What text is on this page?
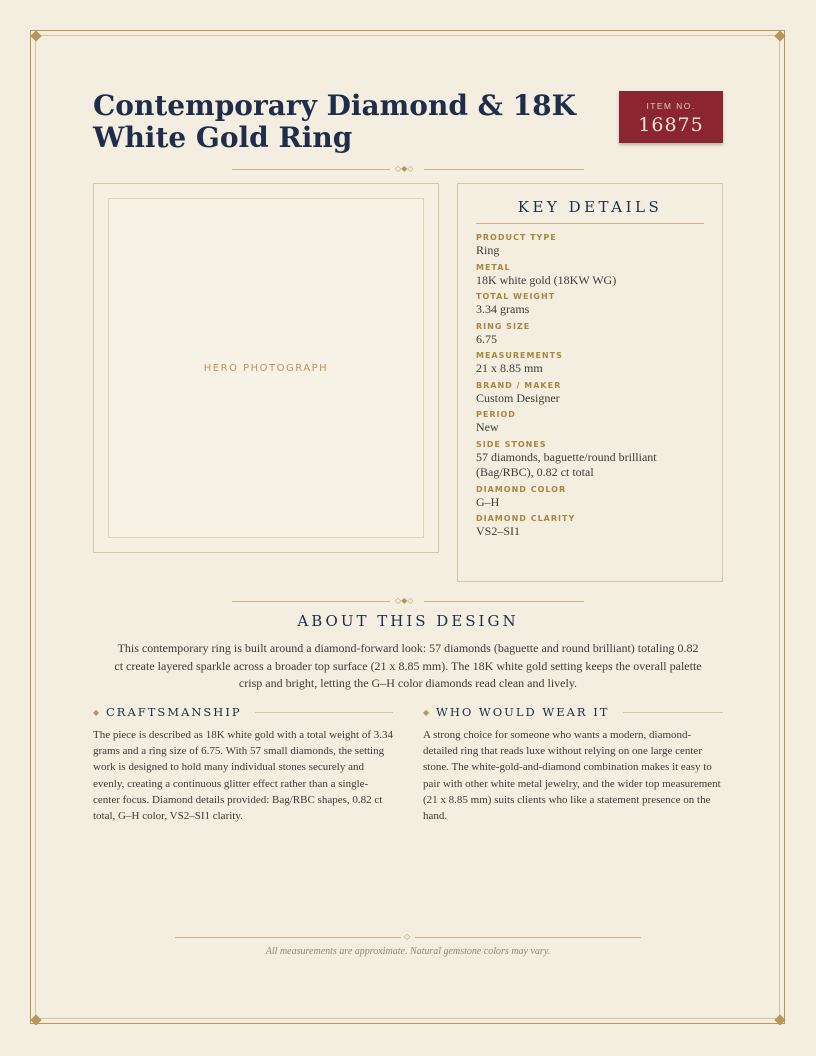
Contemporary Diamond & 18K White Gold Ring
ITEM NO.
16875
◇◆◇
HERO PHOTOGRAPH
KEY DETAILS
PRODUCT TYPE
Ring
METAL
18K white gold (18KW WG)
TOTAL WEIGHT
3.34 grams
RING SIZE
6.75
MEASUREMENTS
21 x 8.85 mm
BRAND / MAKER
Custom Designer
PERIOD
New
SIDE STONES
57 diamonds, baguette/round brilliant (Bag/RBC), 0.82 ct total
DIAMOND COLOR
G–H
DIAMOND CLARITY
VS2–SI1
◇◆◇
ABOUT THIS DESIGN

This contemporary ring is built around a diamond-forward look: 57 diamonds (baguette and round brilliant) totaling 0.82 ct create layered sparkle across a broader top surface (21 x 8.85 mm). The 18K white gold setting keeps the overall palette crisp and bright, letting the G–H color diamonds read clean and lively.

◆ CRAFTSMANSHIP

The piece is described as 18K white gold with a total weight of 3.34 grams and a ring size of 6.75. With 57 small diamonds, the setting work is designed to hold many individual stones securely and evenly, creating a continuous glitter effect rather than a single-center focus. Diamond details provided: Bag/RBC shapes, 0.82 ct total, G–H color, VS2–SI1 clarity.

◆ WHO WOULD WEAR IT

A strong choice for someone who wants a modern, diamond-detailed ring that reads luxe without relying on one large center stone. The white-gold-and-diamond combination makes it easy to pair with other white metal jewelry, and the wider top measurement (21 x 8.85 mm) suits clients who like a statement presence on the hand.

◇

All measurements are approximate. Natural gemstone colors may vary.
